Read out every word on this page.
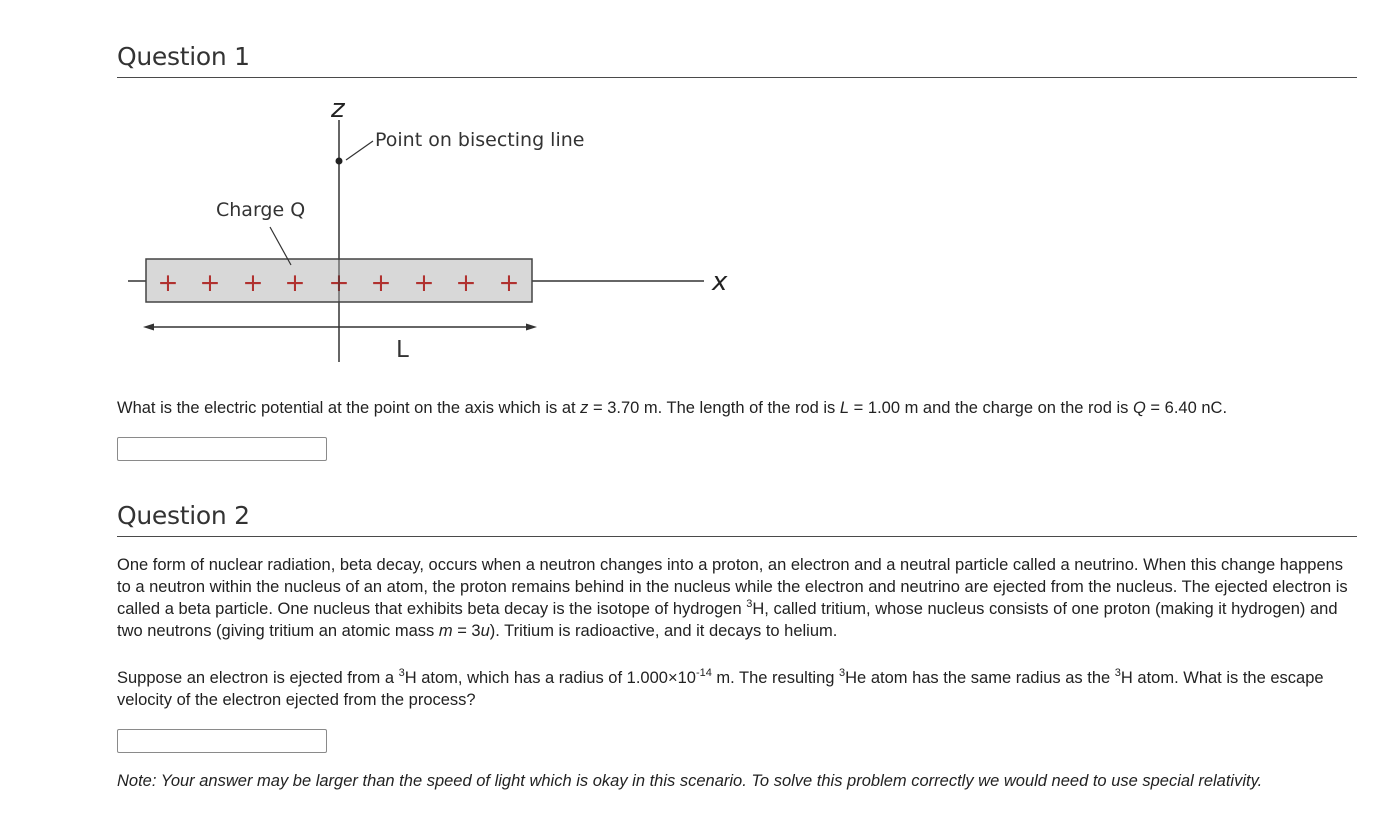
Question 1
z
Point on bisecting line
x
+ + + + + + + + +
Charge Q
L

What is the electric potential at the point on the axis which is at z = 3.70 m. The length of the rod is L = 1.00 m and the charge on the rod is Q = 6.40 nC.

Question 2

One form of nuclear radiation, beta decay, occurs when a neutron changes into a proton, an electron and a neutral particle called a neutrino. When this change happens to a neutron within the nucleus of an atom, the proton remains behind in the nucleus while the electron and neutrino are ejected from the nucleus. The ejected electron is called a beta particle. One nucleus that exhibits beta decay is the isotope of hydrogen $^3$H, called tritium, whose nucleus consists of one proton (making it hydrogen) and two neutrons (giving tritium an atomic mass m = 3u). Tritium is radioactive, and it decays to helium.

Suppose an electron is ejected from a $^3$H atom, which has a radius of $1.000\times 10^{-14}$ m. The resulting $^3$He atom has the same radius as the $^3$H atom. What is the escape velocity of the electron ejected from the process?

Note: Your answer may be larger than the speed of light which is okay in this scenario. To solve this problem correctly we would need to use special relativity.
